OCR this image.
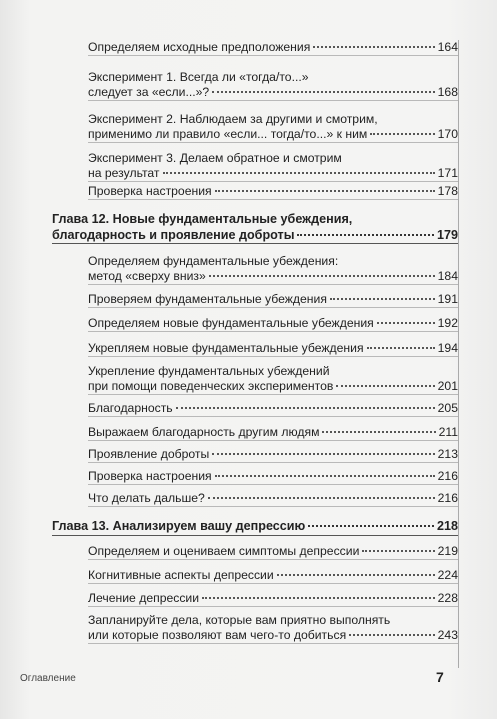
Определяем исходные предположения	164
Эксперимент 1. Всегда ли «тогда/то...»
следует за «если...»?	168
Эксперимент 2. Наблюдаем за другими и смотрим,
применимо ли правило «если... тогда/то...» к ним	170
Эксперимент 3. Делаем обратное и смотрим
на результат	171
Проверка настроения	178
Глава 12. Новые фундаментальные убеждения,
благодарность и проявление доброты	179
Определяем фундаментальные убеждения:
метод «сверху вниз»	184
Проверяем фундаментальные убеждения	191
Определяем новые фундаментальные убеждения	192
Укрепляем новые фундаментальные убеждения	194
Укрепление фундаментальных убеждений
при помощи поведенческих экспериментов	201
Благодарность	205
Выражаем благодарность другим людям	211
Проявление доброты	213
Проверка настроения	216
Что делать дальше?	216
Глава 13. Анализируем вашу депрессию	218
Определяем и оцениваем симптомы депрессии	219
Когнитивные аспекты депрессии	224
Лечение депрессии	228
Запланируйте дела, которые вам приятно выполнять
или которые позволяют вам чего-то добиться	243
Оглавление	7
